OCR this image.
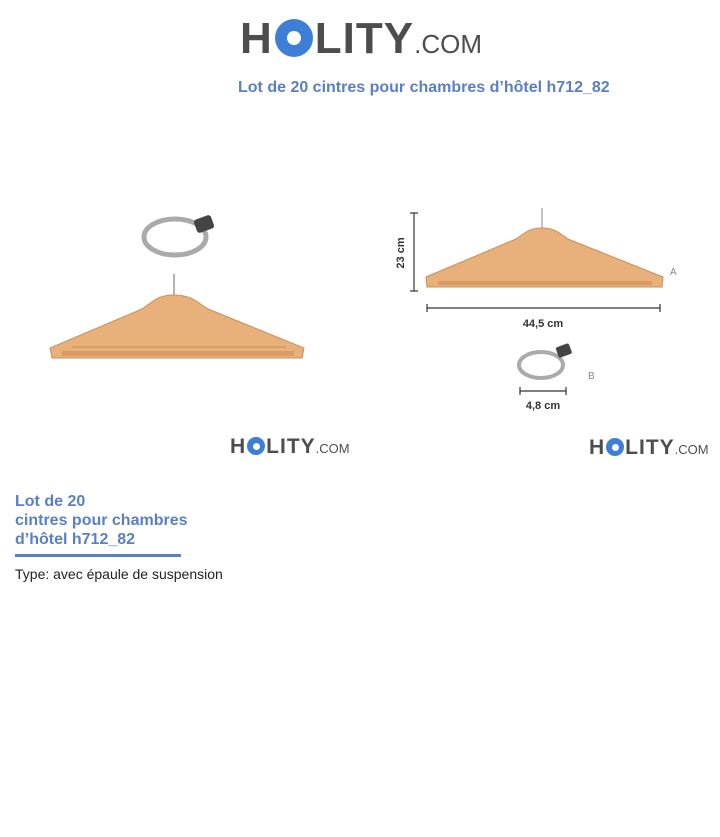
H LITY .COM
Lot de 20 cintres pour chambres d’hôtel h712_82
H LITY .COM
23 cm
A
44,5 cm
B
4,8 cm
H LITY .COM
Lot de 20
cintres pour chambres
d’hôtel h712_82
Type: avec épaule de suspension
